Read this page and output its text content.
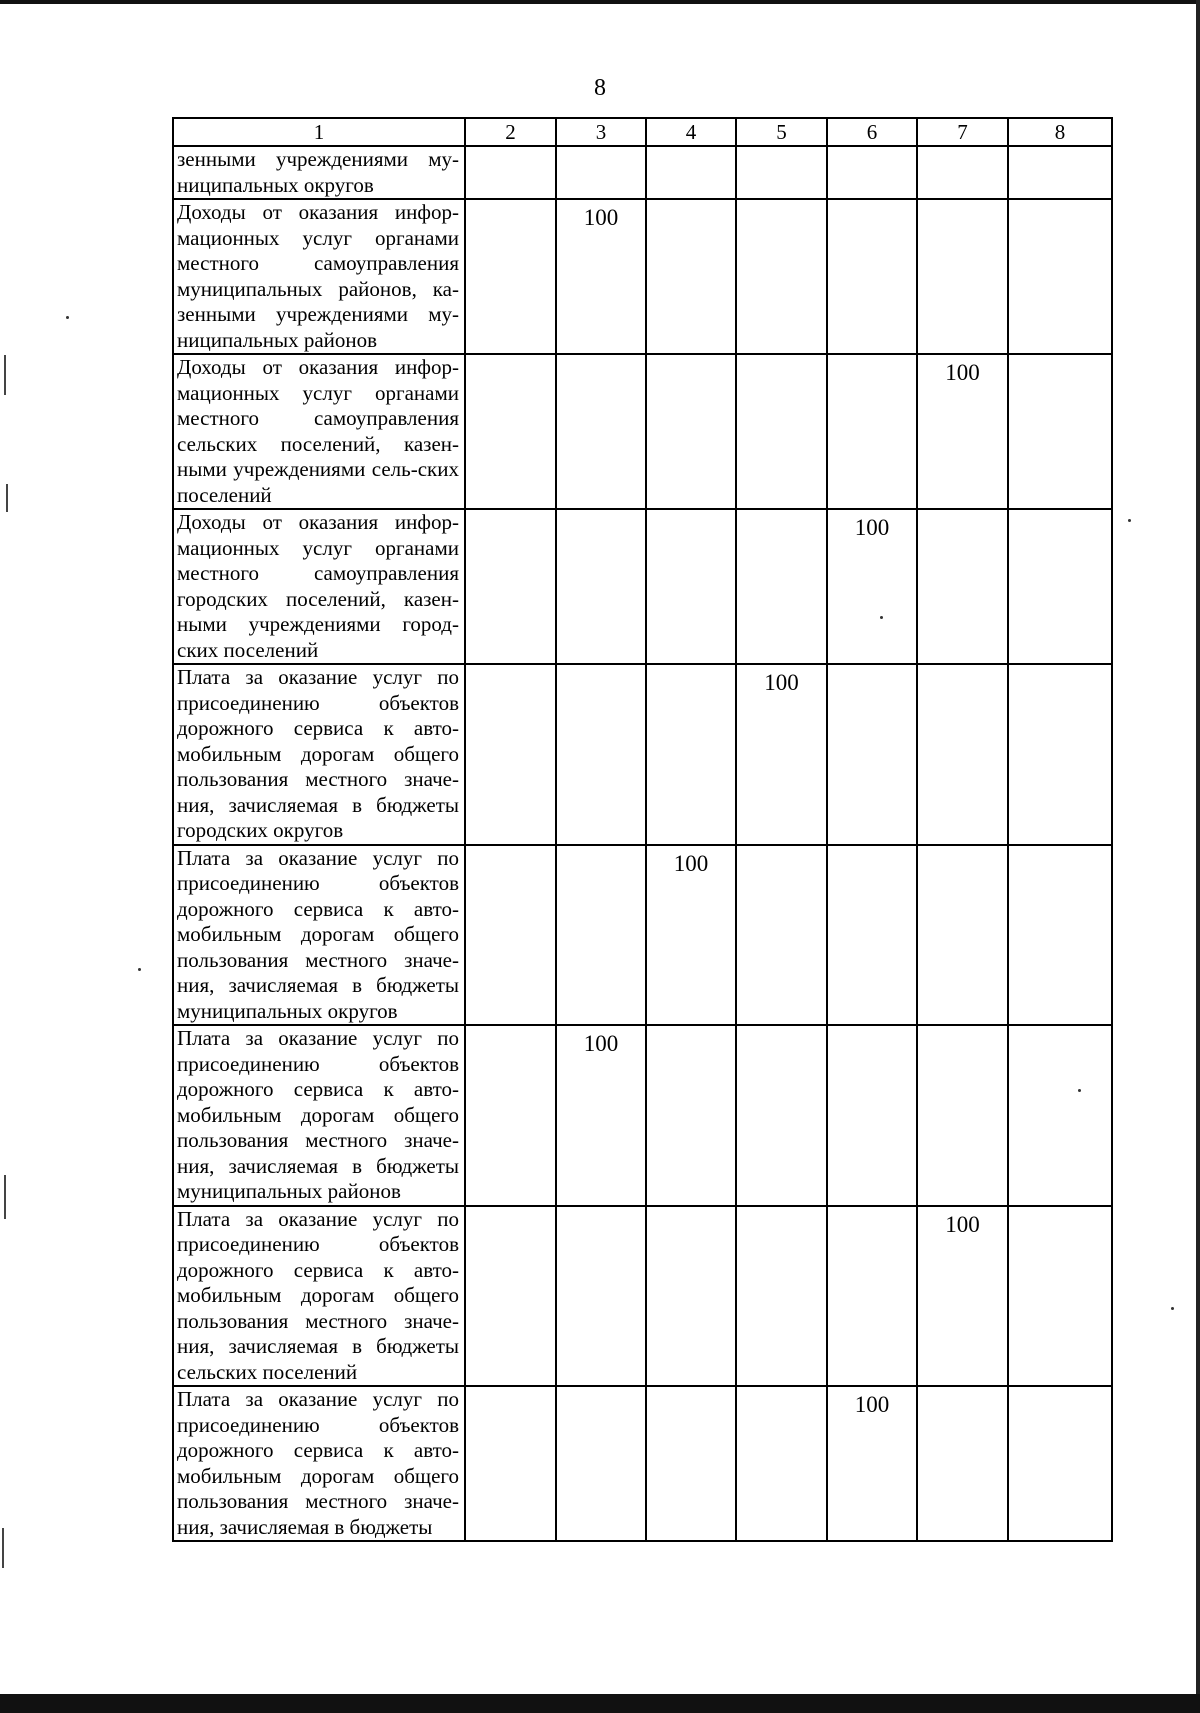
8
1	2	3	4	5	6	7	8
зенными учреждениями му-ниципальных округов							
Доходы от оказания инфор-мационных услуг органами местного самоуправления муниципальных районов, ка-зенными учреждениями му-ниципальных районов		100					
Доходы от оказания инфор-мационных услуг органами местного самоуправления сельских поселений, казен-ными учреждениями сель-ских поселений						100	
Доходы от оказания инфор-мационных услуг органами местного самоуправления городских поселений, казен-ными учреждениями город-ских поселений					100		
Плата за оказание услуг по присоединению объектов дорожного сервиса к авто-мобильным дорогам общего пользования местного значе-ния, зачисляемая в бюджеты городских округов				100			
Плата за оказание услуг по присоединению объектов дорожного сервиса к авто-мобильным дорогам общего пользования местного значе-ния, зачисляемая в бюджеты муниципальных округов			100				
Плата за оказание услуг по присоединению объектов дорожного сервиса к авто-мобильным дорогам общего пользования местного значе-ния, зачисляемая в бюджеты муниципальных районов		100					
Плата за оказание услуг по присоединению объектов дорожного сервиса к авто-мобильным дорогам общего пользования местного значе-ния, зачисляемая в бюджеты сельских поселений						100	
Плата за оказание услуг по присоединению объектов дорожного сервиса к авто-мобильным дорогам общего пользования местного значе-ния, зачисляемая в бюджеты					100		
